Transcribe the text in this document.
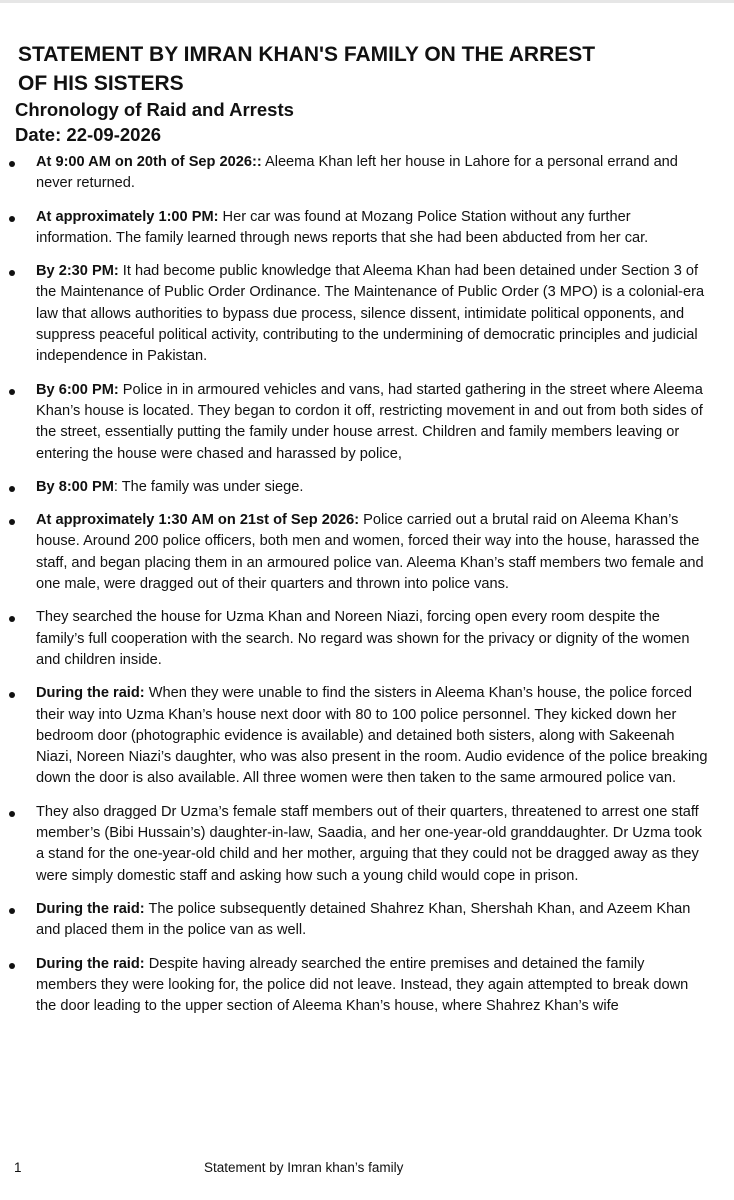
STATEMENT BY IMRAN KHAN'S FAMILY ON THE ARREST
OF HIS SISTERS
Chronology of Raid and Arrests
Date: 22-09-2026
At 9:00 AM on 20th of Sep 2026:: Aleema Khan left her house in Lahore for a personal errand and never returned.
At approximately 1:00 PM: Her car was found at Mozang Police Station without any further information. The family learned through news reports that she had been abducted from her car.
By 2:30 PM: It had become public knowledge that Aleema Khan had been detained under Section 3 of the Maintenance of Public Order Ordinance. The Maintenance of Public Order (3 MPO) is a colonial-era law that allows authorities to bypass due process, silence dissent, intimidate political opponents, and suppress peaceful political activity, contributing to the undermining of democratic principles and judicial independence in Pakistan.
By 6:00 PM: Police in in armoured vehicles and vans, had started gathering in the street where Aleema Khan’s house is located. They began to cordon it off, restricting movement in and out from both sides of the street, essentially putting the family under house arrest. Children and family members leaving or entering the house were chased and harassed by police,
By 8:00 PM: The family was under siege.
At approximately 1:30 AM on 21st of Sep 2026: Police carried out a brutal raid on Aleema Khan’s house. Around 200 police officers, both men and women, forced their way into the house, harassed the staff, and began placing them in an armoured police van. Aleema Khan’s staff members two female and one male, were dragged out of their quarters and thrown into police vans.
They searched the house for Uzma Khan and Noreen Niazi, forcing open every room despite the family’s full cooperation with the search. No regard was shown for the privacy or dignity of the women and children inside.
During the raid: When they were unable to find the sisters in Aleema Khan’s house, the police forced their way into Uzma Khan’s house next door with 80 to 100 police personnel. They kicked down her bedroom door (photographic evidence is available) and detained both sisters, along with Sakeenah Niazi, Noreen Niazi’s daughter, who was also present in the room. Audio evidence of the police breaking down the door is also available. All three women were then taken to the same armoured police van.
They also dragged Dr Uzma’s female staff members out of their quarters, threatened to arrest one staff member’s (Bibi Hussain’s) daughter-in-law, Saadia, and her one-year-old granddaughter. Dr Uzma took a stand for the one-year-old child and her mother, arguing that they could not be dragged away as they were simply domestic staff and asking how such a young child would cope in prison.
During the raid: The police subsequently detained Shahrez Khan, Shershah Khan, and Azeem Khan and placed them in the police van as well.
During the raid: Despite having already searched the entire premises and detained the family members they were looking for, the police did not leave. Instead, they again attempted to break down the door leading to the upper section of Aleema Khan’s house, where Shahrez Khan’s wife
1	Statement by Imran khan’s family
